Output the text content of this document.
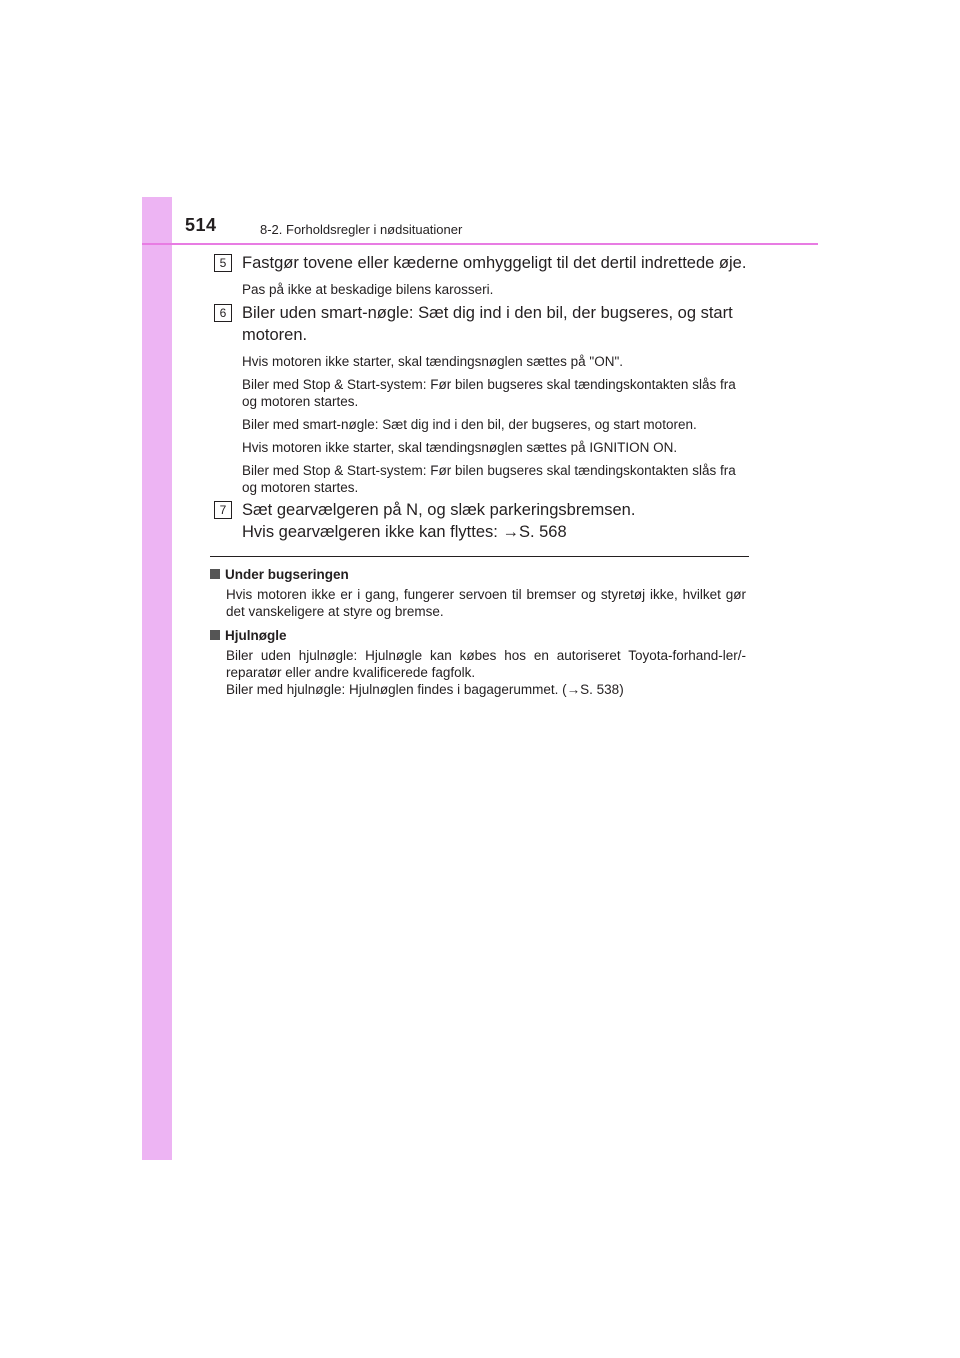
514	8-2. Forholdsregler i nødsituationer
5 Fastgør tovene eller kæderne omhyggeligt til det dertil indrettede øje.
Pas på ikke at beskadige bilens karosseri.
6 Biler uden smart-nøgle: Sæt dig ind i den bil, der bugseres, og start motoren.
Hvis motoren ikke starter, skal tændingsnøglen sættes på "ON".
Biler med Stop & Start-system: Før bilen bugseres skal tændingskontakten slås fra og motoren startes.
Biler med smart-nøgle: Sæt dig ind i den bil, der bugseres, og start motoren.
Hvis motoren ikke starter, skal tændingsnøglen sættes på IGNITION ON.
Biler med Stop & Start-system: Før bilen bugseres skal tændingskontakten slås fra og motoren startes.
7 Sæt gearvælgeren på N, og slæk parkeringsbremsen.
Hvis gearvælgeren ikke kan flyttes: →S. 568
Under bugseringen
Hvis motoren ikke er i gang, fungerer servoen til bremser og styretøj ikke, hvilket gør det vanskeligere at styre og bremse.
Hjulnøgle
Biler uden hjulnøgle: Hjulnøgle kan købes hos en autoriseret Toyota-forhand-ler/-reparatør eller andre kvalificerede fagfolk.
Biler med hjulnøgle: Hjulnøglen findes i bagagerummet. (→S. 538)
